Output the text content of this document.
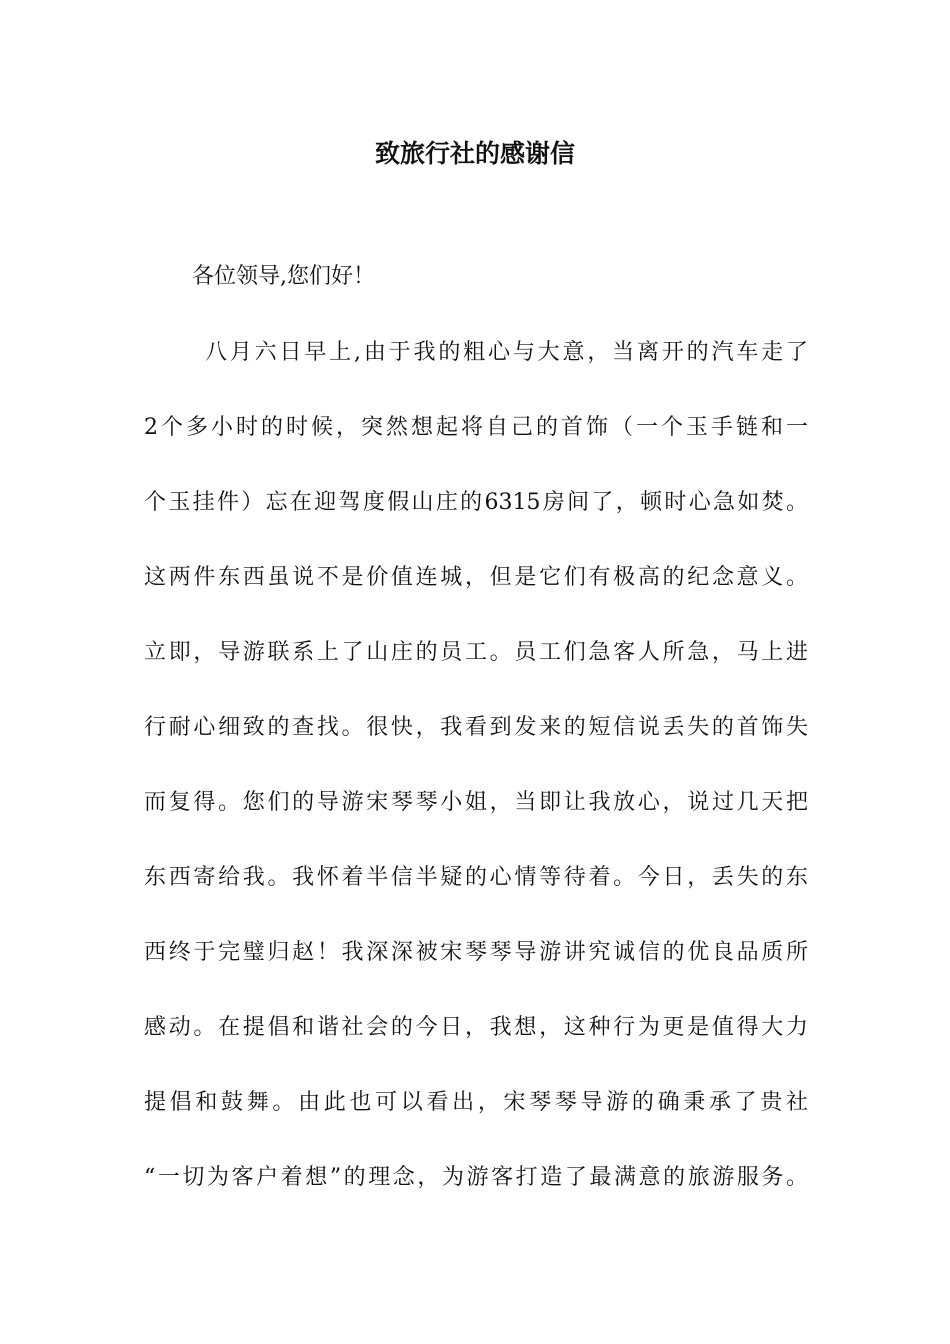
致旅行社的感谢信
各位领导,您们好！
八月六日早上,由于我的粗心与大意，当离开的汽车走了
2个多小时的时候，突然想起将自己的首饰（一个玉手链和一
个玉挂件）忘在迎驾度假山庄的6315房间了，顿时心急如焚。
这两件东西虽说不是价值连城，但是它们有极高的纪念意义。
立即，导游联系上了山庄的员工。员工们急客人所急，马上进
行耐心细致的查找。很快，我看到发来的短信说丢失的首饰失
而复得。您们的导游宋琴琴小姐，当即让我放心，说过几天把
东西寄给我。我怀着半信半疑的心情等待着。今日，丢失的东
西终于完璧归赵！我深深被宋琴琴导游讲究诚信的优良品质所
感动。在提倡和谐社会的今日，我想，这种行为更是值得大力
提倡和鼓舞。由此也可以看出，宋琴琴导游的确秉承了贵社
“一切为客户着想”的理念，为游客打造了最满意的旅游服务。
